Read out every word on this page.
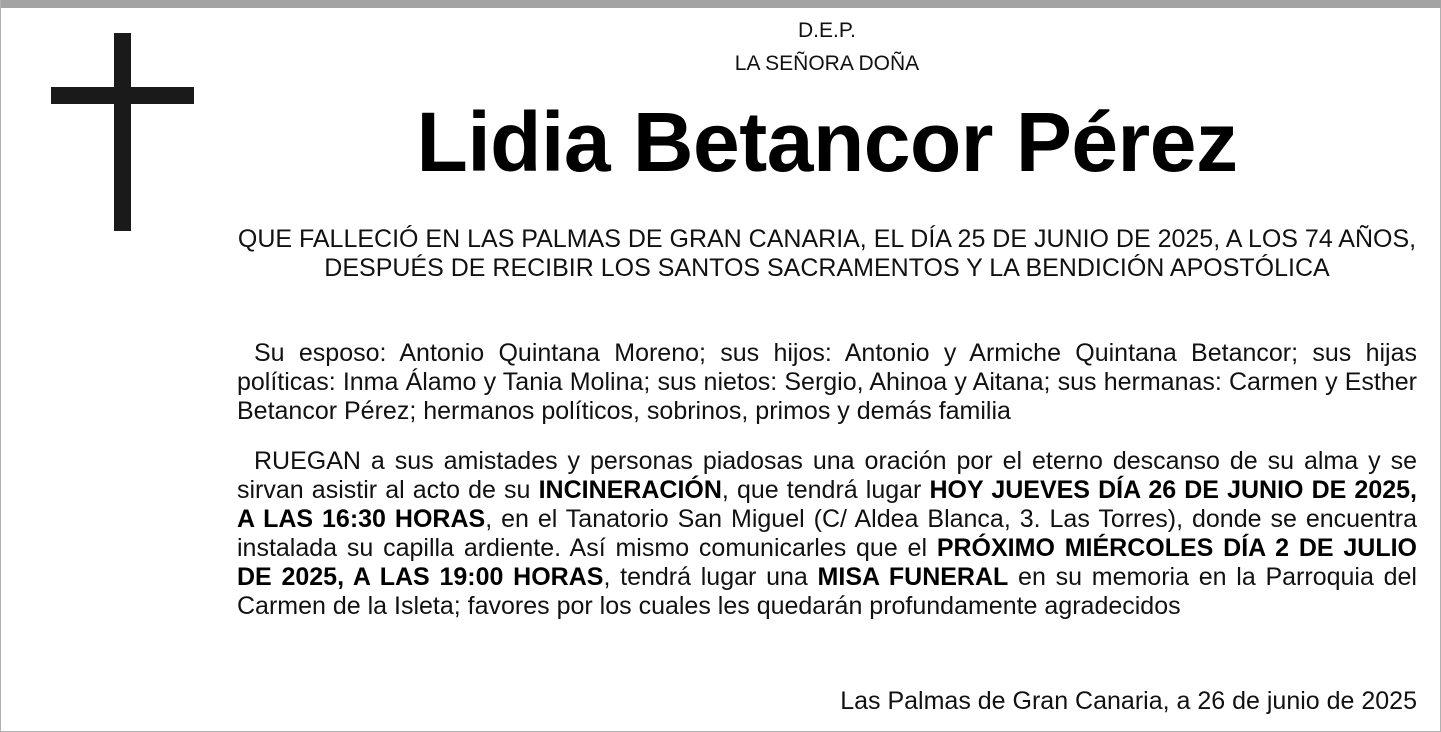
D.E.P.
LA SEÑORA DOÑA
Lidia Betancor Pérez
QUE FALLECIÓ EN LAS PALMAS DE GRAN CANARIA, EL DÍA 25 DE JUNIO DE 2025, A LOS 74 AÑOS, DESPUÉS DE RECIBIR LOS SANTOS SACRAMENTOS Y LA BENDICIÓN APOSTÓLICA

Su esposo: Antonio Quintana Moreno; sus hijos: Antonio y Armiche Quintana Betancor; sus hijas políticas: Inma Álamo y Tania Molina; sus nietos: Sergio, Ahinoa y Aitana; sus hermanas: Carmen y Esther Betancor Pérez; hermanos políticos, sobrinos, primos y demás familia

RUEGAN a sus amistades y personas piadosas una oración por el eterno descanso de su alma y se sirvan asistir al acto de su INCINERACIÓN, que tendrá lugar HOY JUEVES DÍA 26 DE JUNIO DE 2025, A LAS 16:30 HORAS, en el Tanatorio San Miguel (C/ Aldea Blanca, 3. Las Torres), donde se encuentra instalada su capilla ardiente. Así mismo comunicarles que el PRÓXIMO MIÉRCOLES DÍA 2 DE JULIO DE 2025, A LAS 19:00 HORAS, tendrá lugar una MISA FUNERAL en su memoria en la Parroquia del Carmen de la Isleta; favores por los cuales les quedarán profundamente agradecidos

Las Palmas de Gran Canaria, a 26 de junio de 2025
